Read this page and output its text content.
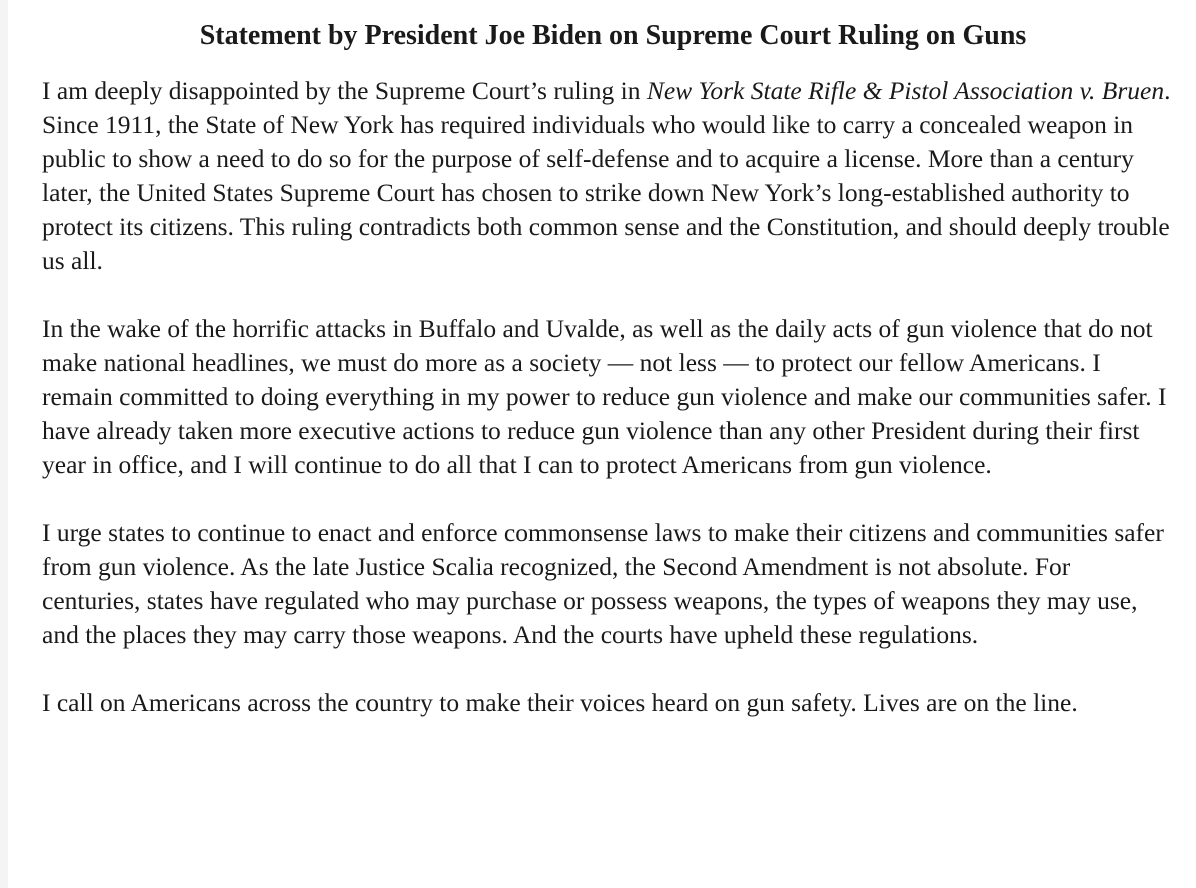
Statement by President Joe Biden on Supreme Court Ruling on Guns

I am deeply disappointed by the Supreme Court’s ruling in New York State Rifle & Pistol Association v. Bruen. Since 1911, the State of New York has required individuals who would like to carry a concealed weapon in public to show a need to do so for the purpose of self-defense and to acquire a license. More than a century later, the United States Supreme Court has chosen to strike down New York’s long-established authority to protect its citizens. This ruling contradicts both common sense and the Constitution, and should deeply trouble us all.

In the wake of the horrific attacks in Buffalo and Uvalde, as well as the daily acts of gun violence that do not make national headlines, we must do more as a society — not less — to protect our fellow Americans. I remain committed to doing everything in my power to reduce gun violence and make our communities safer. I have already taken more executive actions to reduce gun violence than any other President during their first year in office, and I will continue to do all that I can to protect Americans from gun violence.

I urge states to continue to enact and enforce commonsense laws to make their citizens and communities safer from gun violence. As the late Justice Scalia recognized, the Second Amendment is not absolute. For centuries, states have regulated who may purchase or possess weapons, the types of weapons they may use, and the places they may carry those weapons. And the courts have upheld these regulations.

I call on Americans across the country to make their voices heard on gun safety. Lives are on the line.
